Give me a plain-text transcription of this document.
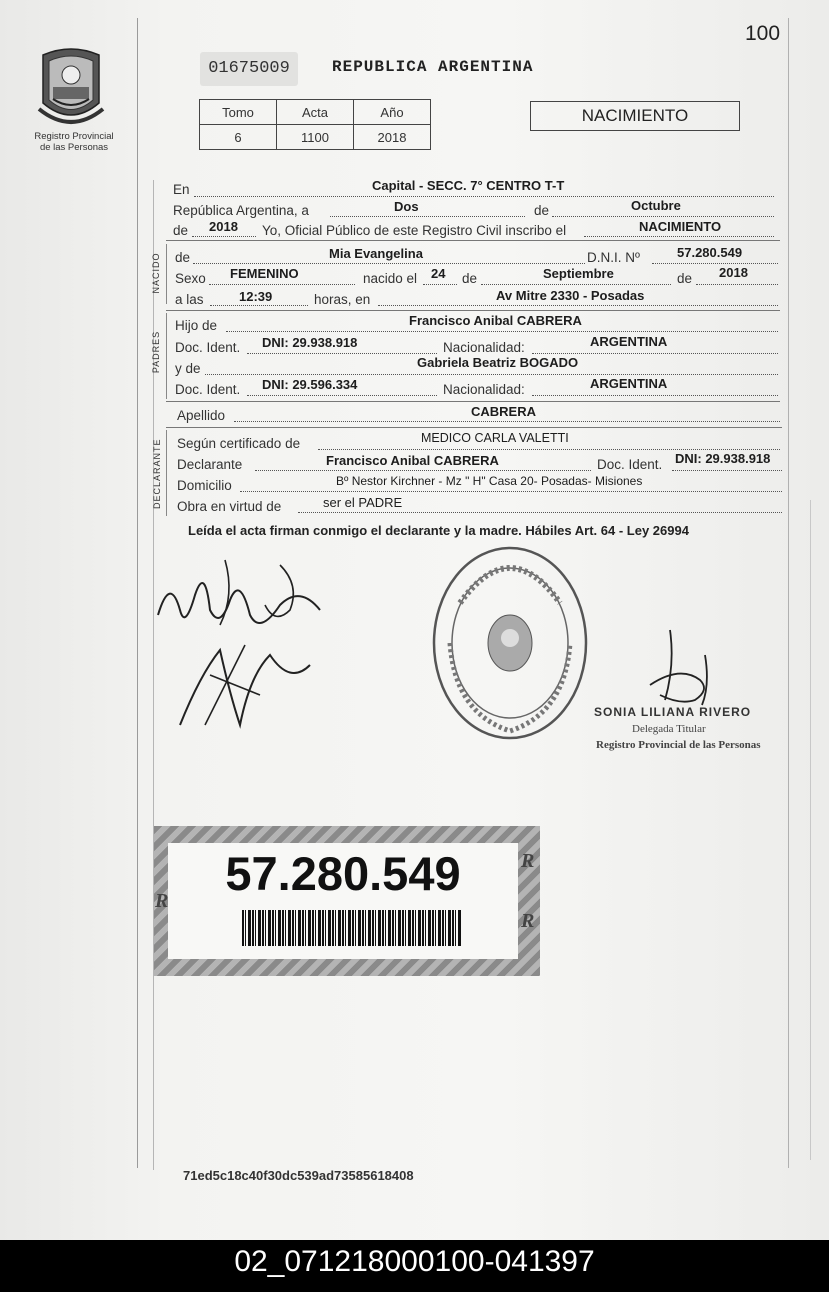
Registro Provincial
de las Personas
100
01675009	REPUBLICA ARGENTINA
Tomo	Acta	Año
6	1100	2018
NACIMIENTO
En	Capital - SECC. 7° CENTRO T-T
República Argentina, a	Dos	de	Octubre
de 2018 Yo, Oficial Público de este Registro Civil inscribo el	NACIMIENTO
NACIDO de	Mia Evangelina	D.N.I. Nº	57.280.549
Sexo FEMENINO	nacido el 24 de	Septiembre	de 2018
a las	12:39	horas, en	Av Mitre 2330 - Posadas
PADRES
Hijo de	Francisco Anibal CABRERA
Doc. Ident. DNI: 29.938.918	Nacionalidad:	ARGENTINA
y de	Gabriela Beatriz BOGADO
Doc. Ident. DNI: 29.596.334	Nacionalidad:	ARGENTINA
Apellido	CABRERA
DECLARANTE Según certificado de	MEDICO CARLA VALETTI
Declarante	Francisco Anibal CABRERA	Doc. Ident. DNI: 29.938.918
Domicilio	Bº Nestor Kirchner - Mz " H" Casa 20- Posadas- Misiones
Obra en virtud de	ser el PADRE
Leída el acta firman conmigo el declarante y la madre. Hábiles Art. 64 - Ley 26994
SONIA LILIANA RIVERO
Delegada Titular
Registro Provincial de las Personas
57.280.549	R
R
R
71ed5c18c40f30dc539ad73585618408
02_071218000100-041397
